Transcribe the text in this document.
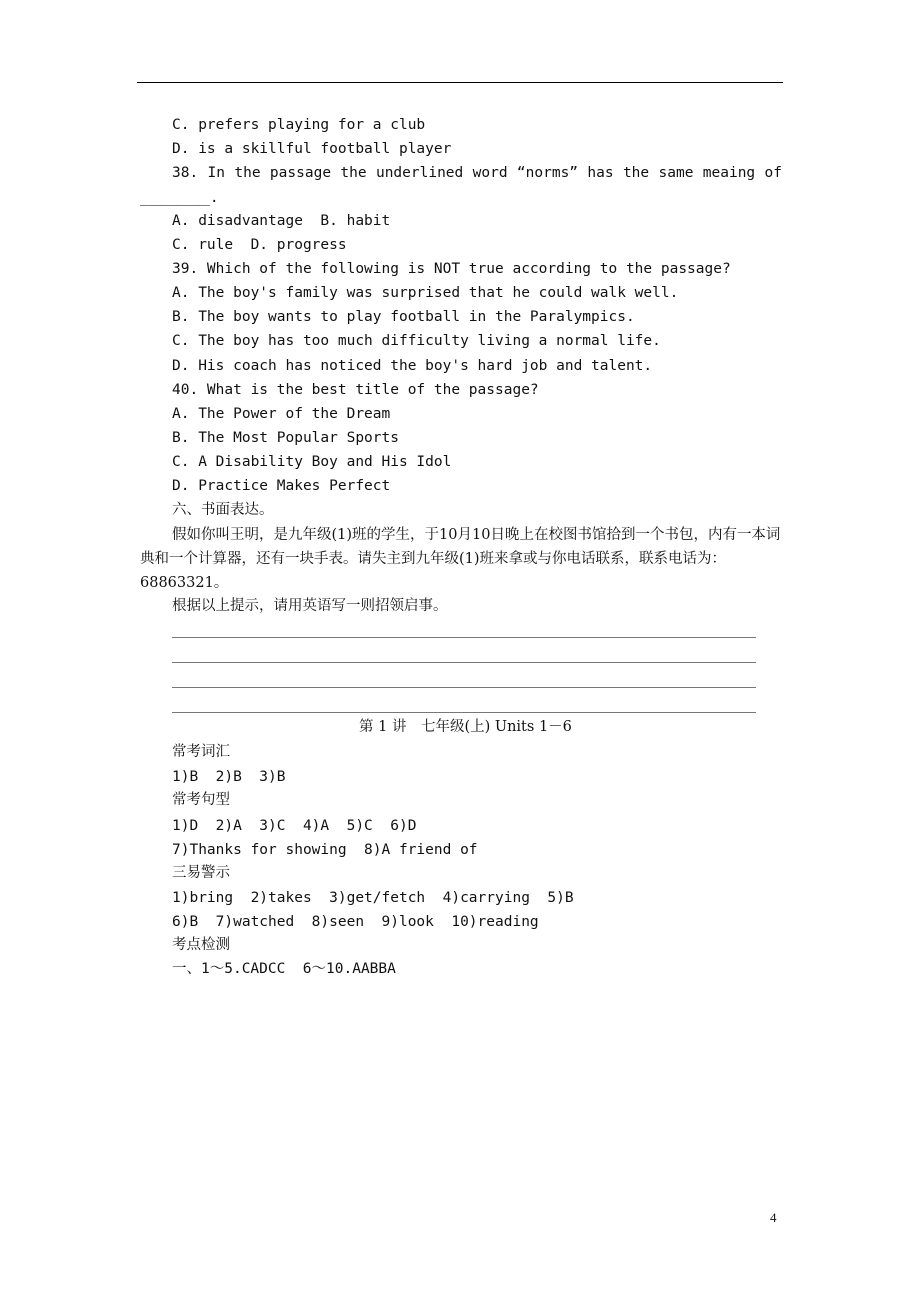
C. prefers playing for a club
D. is a skillful football player
38. In the passage the underlined word “norms” has the same meaing of
________.
A. disadvantage  B. habit
C. rule  D. progress
39. Which of the following is NOT true according to the passage?
A. The boy's family was surprised that he could walk well.
B. The boy wants to play football in the Paralympics.
C. The boy has too much difficulty living a normal life.
D. His coach has noticed the boy's hard job and talent.
40. What is the best title of the passage?
A. The Power of the Dream
B. The Most Popular Sports
C. A Disability Boy and His Idol
D. Practice Makes Perfect
六、书面表达。
假如你叫王明，是九年级(1)班的学生，于10月10日晚上在校图书馆拾到一个书包，内有一本词典和一个计算器，还有一块手表。请失主到九年级(1)班来拿或与你电话联系，联系电话为：68863321。
根据以上提示，请用英语写一则招领启事。
第 1 讲　七年级(上) Units 1－6
常考词汇
1)B  2)B  3)B
常考句型
1)D  2)A  3)C  4)A  5)C  6)D
7)Thanks for showing  8)A friend of
三易警示
1)bring  2)takes  3)get/fetch  4)carrying  5)B
6)B  7)watched  8)seen  9)look  10)reading
考点检测
一、1～5.CADCC  6～10.AABBA
4
